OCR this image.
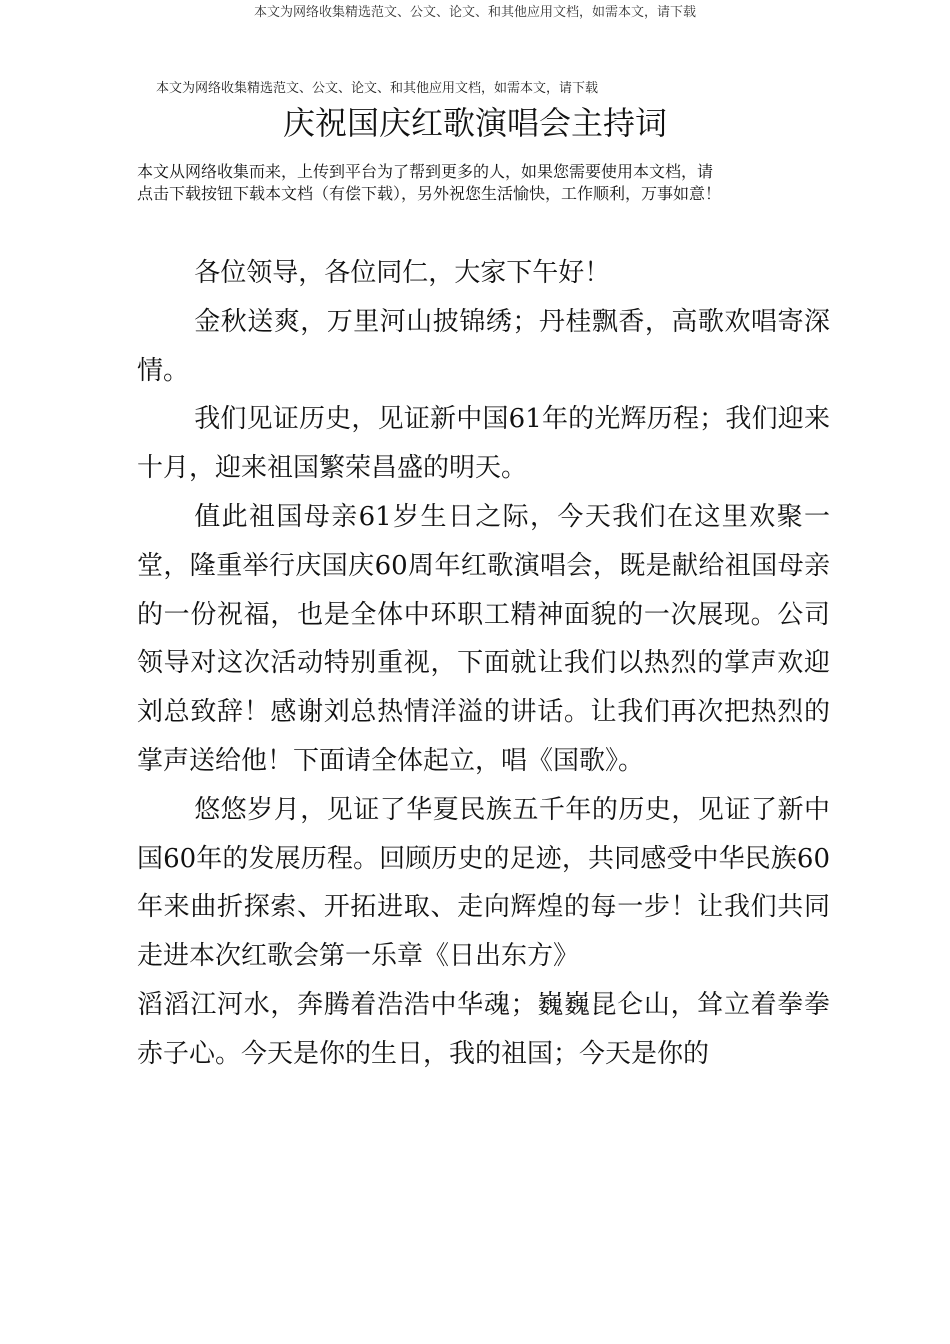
本文为网络收集精选范文、公文、论文、和其他应用文档，如需本文，请下载
本文为网络收集精选范文、公文、论文、和其他应用文档，如需本文，请下载
庆祝国庆红歌演唱会主持词
本文从网络收集而来，上传到平台为了帮到更多的人，如果您需要使用本文档，请
点击下载按钮下载本文档（有偿下载），另外祝您生活愉快，工作顺利，万事如意！

各位领导，各位同仁，大家下午好！

金秋送爽，万里河山披锦绣；丹桂飘香，高歌欢唱寄深情。

我们见证历史，见证新中国61年的光辉历程；我们迎来十月，迎来祖国繁荣昌盛的明天。

值此祖国母亲61岁生日之际，今天我们在这里欢聚一堂，隆重举行庆国庆60周年红歌演唱会，既是献给祖国母亲的一份祝福，也是全体中环职工精神面貌的一次展现。公司领导对这次活动特别重视，下面就让我们以热烈的掌声欢迎刘总致辞！感谢刘总热情洋溢的讲话。让我们再次把热烈的掌声送给他！下面请全体起立，唱《国歌》。

悠悠岁月，见证了华夏民族五千年的历史，见证了新中国60年的发展历程。回顾历史的足迹，共同感受中华民族60年来曲折探索、开拓进取、走向辉煌的每一步！让我们共同走进本次红歌会第一乐章《日出东方》

滔滔江河水，奔腾着浩浩中华魂；巍巍昆仑山，耸立着拳拳赤子心。今天是你的生日，我的祖国；今天是你的
